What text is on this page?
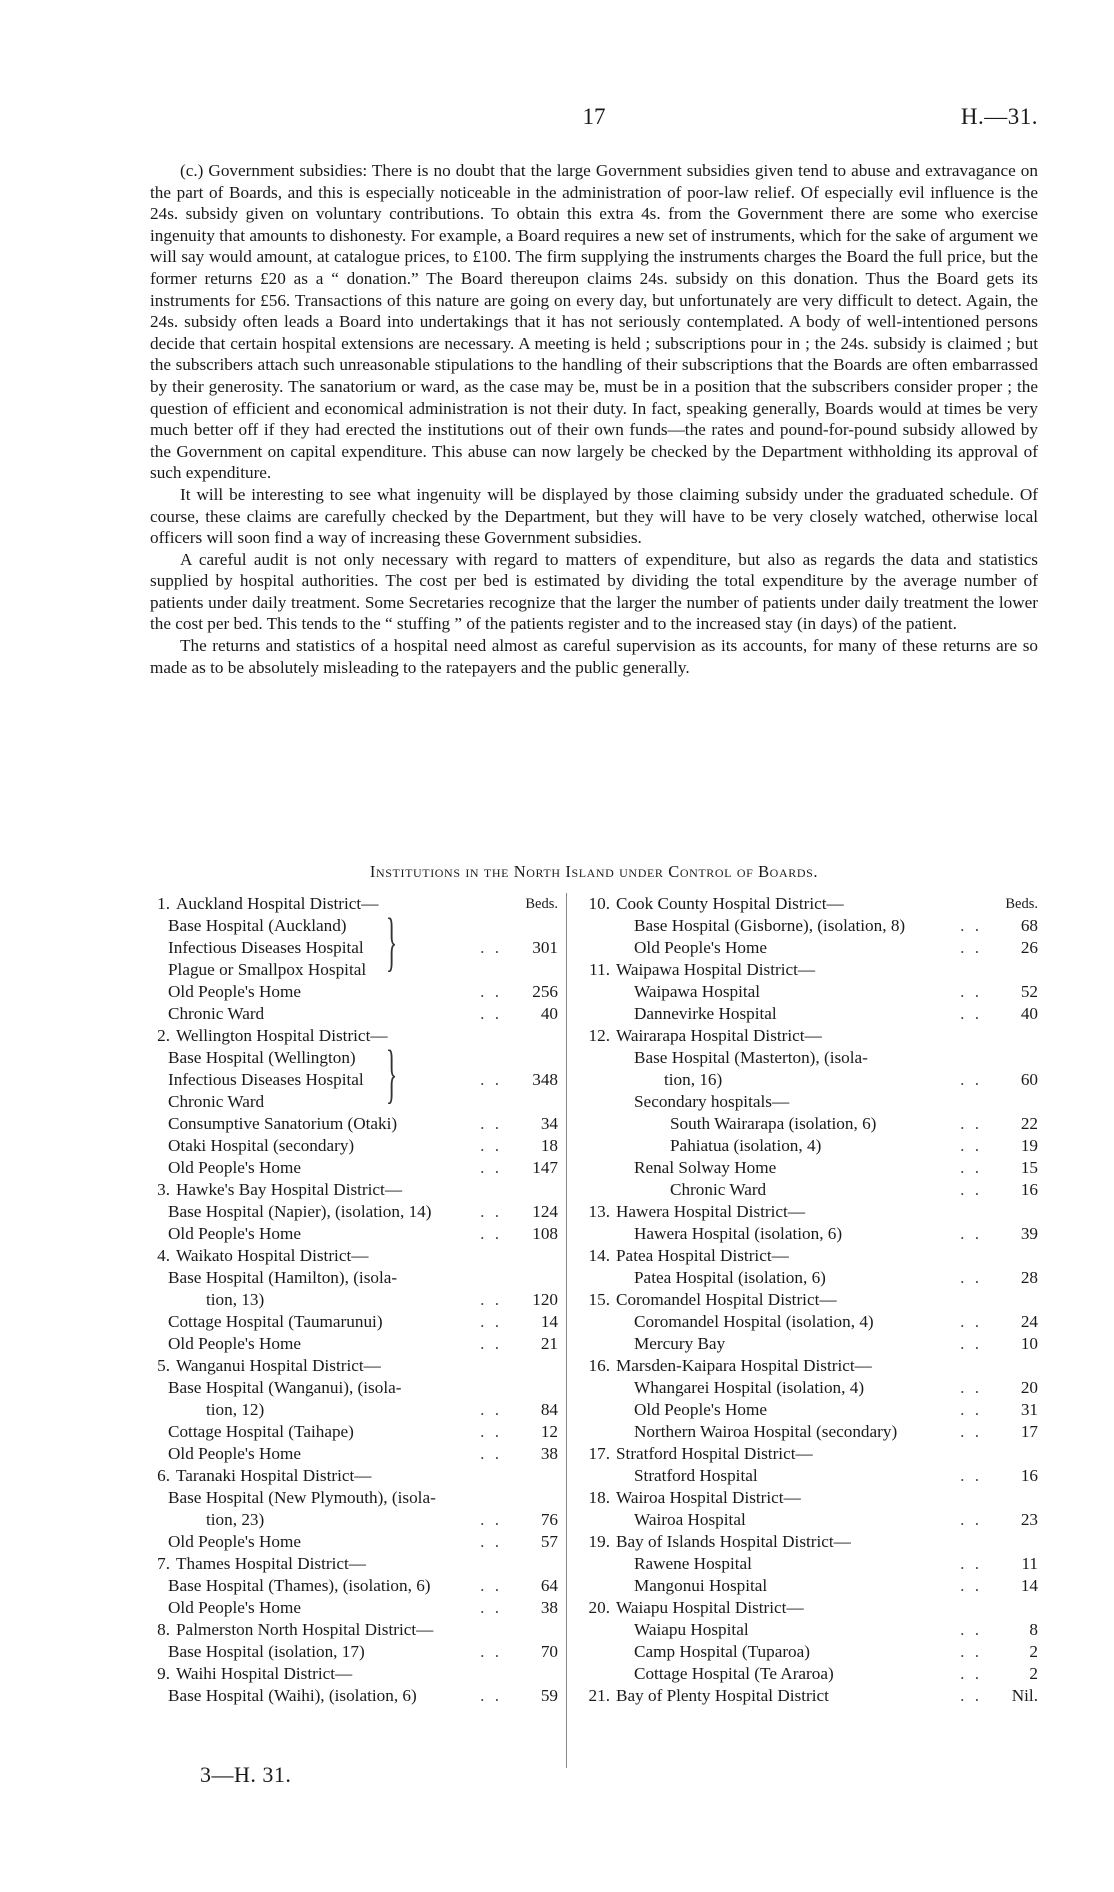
17	H.—31.

(c.) Government subsidies: There is no doubt that the large Government subsidies given tend to abuse and extravagance on the part of Boards, and this is especially noticeable in the administration of poor-law relief. Of especially evil influence is the 24s. subsidy given on voluntary contributions. To obtain this extra 4s. from the Government there are some who exercise ingenuity that amounts to dishonesty. For example, a Board requires a new set of instruments, which for the sake of argument we will say would amount, at catalogue prices, to £100. The firm supplying the instruments charges the Board the full price, but the former returns £20 as a “ donation.” The Board thereupon claims 24s. subsidy on this donation. Thus the Board gets its instruments for £56. Transactions of this nature are going on every day, but unfortunately are very difficult to detect. Again, the 24s. subsidy often leads a Board into undertakings that it has not seriously contemplated. A body of well-intentioned persons decide that certain hospital extensions are necessary. A meeting is held ; subscriptions pour in ; the 24s. subsidy is claimed ; but the subscribers attach such unreasonable stipulations to the handling of their subscriptions that the Boards are often embarrassed by their generosity. The sanatorium or ward, as the case may be, must be in a position that the subscribers consider proper ; the question of efficient and economical administration is not their duty. In fact, speaking generally, Boards would at times be very much better off if they had erected the institutions out of their own funds—the rates and pound-for-pound subsidy allowed by the Government on capital expenditure. This abuse can now largely be checked by the Department withholding its approval of such expenditure.

It will be interesting to see what ingenuity will be displayed by those claiming subsidy under the graduated schedule. Of course, these claims are carefully checked by the Department, but they will have to be very closely watched, otherwise local officers will soon find a way of increasing these Government subsidies.

A careful audit is not only necessary with regard to matters of expenditure, but also as regards the data and statistics supplied by hospital authorities. The cost per bed is estimated by dividing the total expenditure by the average number of patients under daily treatment. Some Secretaries recognize that the larger the number of patients under daily treatment the lower the cost per bed. This tends to the “ stuffing ” of the patients register and to the increased stay (in days) of the patient.

The returns and statistics of a hospital need almost as careful supervision as its accounts, for many of these returns are so made as to be absolutely misleading to the ratepayers and the public generally.

Institutions in the North Island under Control of Boards.
Beds.
1. Auckland Hospital District—
Base Hospital (Auckland)
Infectious Diseases Hospital	. . 301
Plague or Smallpox Hospital
Old People's Home	. . 256
Chronic Ward	. . 40
2. Wellington Hospital District—
Base Hospital (Wellington)
Infectious Diseases Hospital	. . 348
Chronic Ward
Consumptive Sanatorium (Otaki)	. . 34
Otaki Hospital (secondary)	. . 18
Old People's Home	. . 147
3. Hawke's Bay Hospital District—
Base Hospital (Napier), (isolation, 14)	. . 124
Old People's Home	. . 108
4. Waikato Hospital District—
Base Hospital (Hamilton), (isola-
tion, 13)	. . 120
Cottage Hospital (Taumarunui)	. . 14
Old People's Home	. . 21
5. Wanganui Hospital District—
Base Hospital (Wanganui), (isola-
tion, 12)	. . 84
Cottage Hospital (Taihape)	. . 12
Old People's Home	. . 38
6. Taranaki Hospital District—
Base Hospital (New Plymouth), (isola-
tion, 23)	. . 76
Old People's Home	. . 57
7. Thames Hospital District—
Base Hospital (Thames), (isolation, 6)	. . 64
Old People's Home	. . 38
8. Palmerston North Hospital District—
Base Hospital (isolation, 17)	. . 70
9. Waihi Hospital District—
Base Hospital (Waihi), (isolation, 6)	. . 59
}
}
Beds.
10. Cook County Hospital District—
Base Hospital (Gisborne), (isolation, 8)	. . 68
Old People's Home	. . 26
11. Waipawa Hospital District—
Waipawa Hospital	. . 52
Dannevirke Hospital	. . 40
12. Wairarapa Hospital District—
Base Hospital (Masterton), (isola-
tion, 16)	. . 60
Secondary hospitals—
South Wairarapa (isolation, 6)	. . 22
Pahiatua (isolation, 4)	. . 19
Renal Solway Home	. . 15
Chronic Ward	. . 16
13. Hawera Hospital District—
Hawera Hospital (isolation, 6)	. . 39
14. Patea Hospital District—
Patea Hospital (isolation, 6)	. . 28
15. Coromandel Hospital District—
Coromandel Hospital (isolation, 4)	. . 24
Mercury Bay	. . 10
16. Marsden-Kaipara Hospital District—
Whangarei Hospital (isolation, 4)	. . 20
Old People's Home	. . 31
Northern Wairoa Hospital (secondary)	. . 17
17. Stratford Hospital District—
Stratford Hospital	. . 16
18. Wairoa Hospital District—
Wairoa Hospital	. . 23
19. Bay of Islands Hospital District—
Rawene Hospital	. . 11
Mangonui Hospital	. . 14
20. Waiapu Hospital District—
Waiapu Hospital	. .	8
Camp Hospital (Tuparoa)	. .	2
Cottage Hospital (Te Araroa)	. .	2
21. Bay of Plenty Hospital District	. . Nil.
3—H. 31.
